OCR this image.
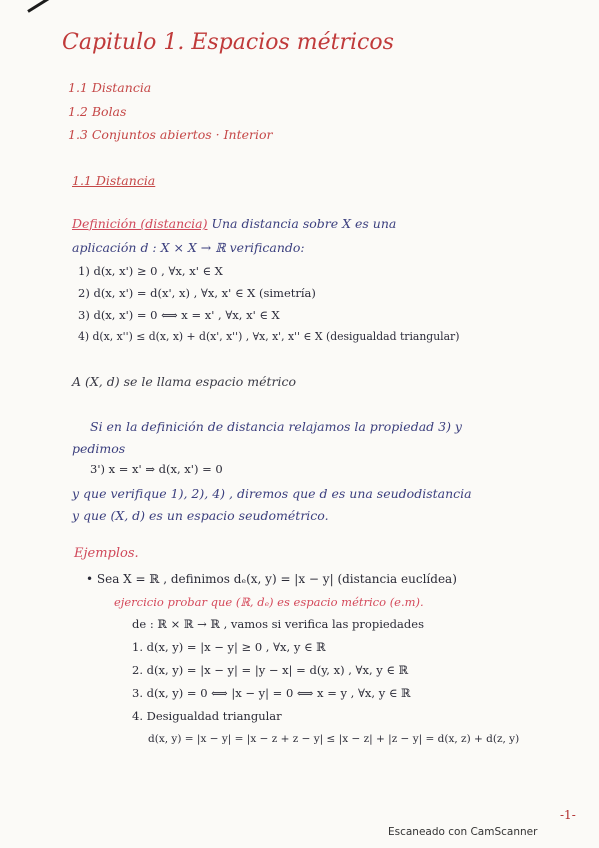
Capitulo 1. Espacios métricos
1.1 Distancia
1.2 Bolas
1.3 Conjuntos abiertos · Interior
1.1 Distancia
Definición (distancia) Una distancia sobre X es una
aplicación d : X × X → ℝ verificando:
1) d(x, x') ≥ 0 , ∀x, x' ∈ X
2) d(x, x') = d(x', x) , ∀x, x' ∈ X (simetría)
3) d(x, x') = 0 ⟺ x = x' , ∀x, x' ∈ X
4) d(x, x'') ≤ d(x, x) + d(x', x'') , ∀x, x', x'' ∈ X (desigualdad triangular)
A (X, d) se le llama espacio métrico
Si en la definición de distancia relajamos la propiedad 3) y
pedimos
3') x = x' ⇒ d(x, x') = 0
y que verifique 1), 2), 4) , diremos que d es una seudodistancia
y que (X, d) es un espacio seudométrico.
Ejemplos.
• Sea X = ℝ , definimos dₑ(x, y) = |x − y| (distancia euclídea)
ejercicio probar que (ℝ, dₑ) es espacio métrico (e.m).
de : ℝ × ℝ → ℝ , vamos si verifica las propiedades
1. d(x, y) = |x − y| ≥ 0 , ∀x, y ∈ ℝ
2. d(x, y) = |x − y| = |y − x| = d(y, x) , ∀x, y ∈ ℝ
3. d(x, y) = 0 ⟺ |x − y| = 0 ⟺ x = y , ∀x, y ∈ ℝ
4. Desigualdad triangular
d(x, y) = |x − y| = |x − z + z − y| ≤ |x − z| + |z − y| = d(x, z) + d(z, y)
-1-
Escaneado con CamScanner
